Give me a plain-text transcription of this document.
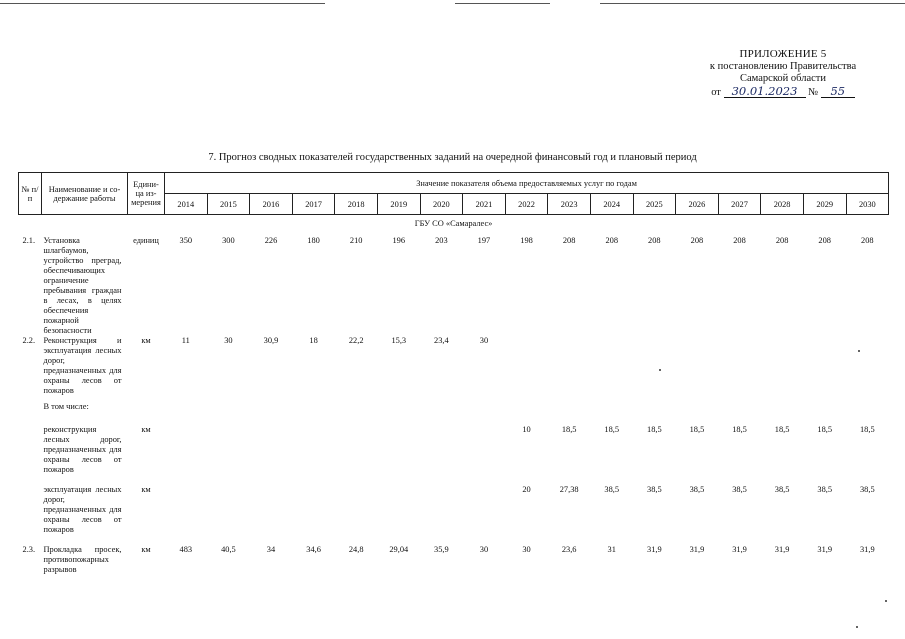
ПРИЛОЖЕНИЕ 5
к постановлению Правительства
Самарской области
от 30.01.2023 № 55
7. Прогноз сводных показателей государственных заданий на очередной финансовый год и плановый период
№ п/п	Наименование и со- держание работы	Едини- ца из- мерения	Значение показателя объема предоставляемых услуг по годам																
			2014	2015	2016	2017	2018	2019	2020	2021	2022	2023	2024	2025	2026	2027	2028	2029	2030
ГБУ СО «Самаралес»																			
2.1.	Установка шлагбаумов, устройство преград, обеспечивающих ограничение пребывания граждан в лесах, в целях обеспечения пожарной безопасности	единиц	350	300	226	180	210	196	203	197	198	208	208	208	208	208	208	208	208
2.2.	Реконструкция и эксплуатация лесных дорог, предназначенных для охраны лесов от пожаров	км	11	30	30,9	18	22,2	15,3	23,4	30									
	В том числе:																		
	реконструкция лесных дорог, предназначенных для охраны лесов от пожаров	км									10	18,5	18,5	18,5	18,5	18,5	18,5	18,5	18,5
	эксплуатация лесных дорог, предназначенных для охраны лесов от пожаров	км									20	27,38	38,5	38,5	38,5	38,5	38,5	38,5	38,5
2.3.	Прокладка просек, противопожарных разрывов	км	483	40,5	34	34,6	24,8	29,04	35,9	30	30	23,6	31	31,9	31,9	31,9	31,9	31,9	31,9
